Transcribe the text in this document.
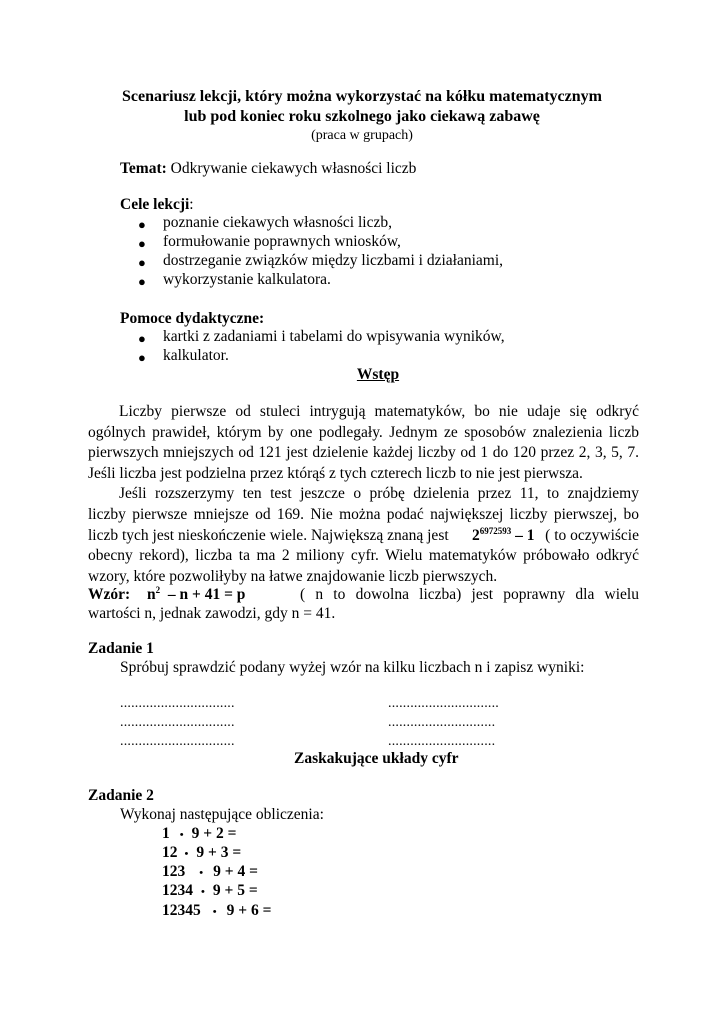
Scenariusz lekcji, który można wykorzystać na kółku matematycznym
lub pod koniec roku szkolnego jako ciekawą zabawę
(praca w grupach)
Temat: Odkrywanie ciekawych własności liczb
Cele lekcji:
● poznanie ciekawych własności liczb,
● formułowanie poprawnych wniosków,
● dostrzeganie związków między liczbami i działaniami,
● wykorzystanie kalkulatora.
Pomoce dydaktyczne:
● kartki z zadaniami i tabelami do wpisywania wyników,
● kalkulator.
Wstęp
Liczby pierwsze od stuleci intrygują matematyków, bo nie udaje się odkryć
ogólnych prawideł, którym by one podlegały. Jednym ze sposobów znalezienia liczb
pierwszych mniejszych od 121 jest dzielenie każdej liczby od 1 do 120 przez 2, 3, 5, 7.
Jeśli liczba jest podzielna przez którąś z tych czterech liczb to nie jest pierwsza.
Jeśli rozszerzymy ten test jeszcze o próbę dzielenia przez 11, to znajdziemy
liczby pierwsze mniejsze od 169. Nie można podać największej liczby pierwszej, bo
liczb tych jest nieskończenie wiele. Największą znaną jest $2^{6972593} - 1$ ( to oczywiście
obecny rekord), liczba ta ma 2 miliony cyfr. Wielu matematyków próbowało odkryć
wzory, które pozwoliłyby na łatwe znajdowanie liczb pierwszych.
Wzór: $n^2 - n + 41 = p$	( n to dowolna liczba) jest poprawny dla wielu
wartości n, jednak zawodzi, gdy n = 41.
Zadanie 1
Spróbuj sprawdzić podany wyżej wzór na kilku liczbach n i zapisz wyniki:
...............................
...............................
...............................
..............................
.............................
.............................
Zaskakujące układy cyfr
Zadanie 2
Wykonaj następujące obliczenia:
1 • 9 + 2 =
12 • 9 + 3 =
123 • 9 + 4 =
1234 • 9 + 5 =
12345 • 9 + 6 =
